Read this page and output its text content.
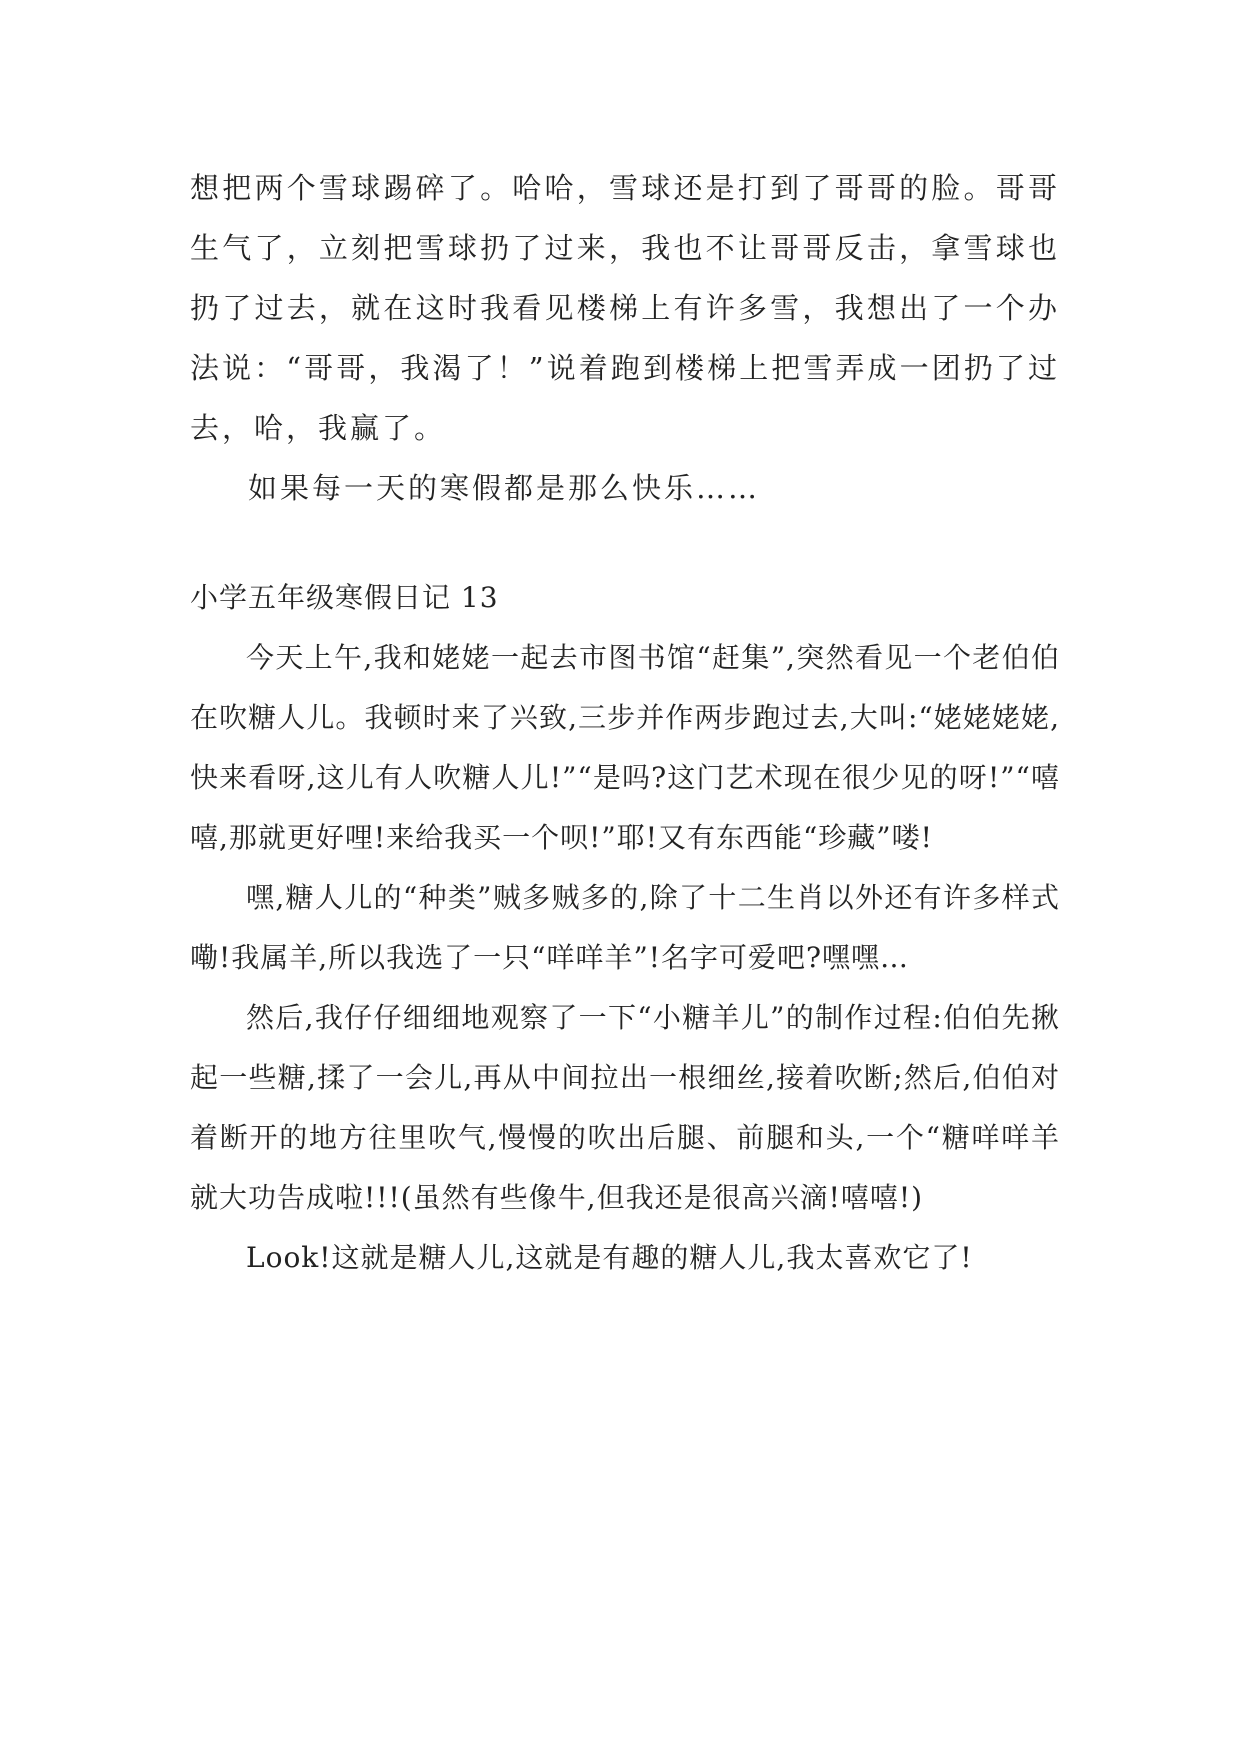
想把两个雪球踢碎了。哈哈，雪球还是打到了哥哥的脸。哥哥生气了，立刻把雪球扔了过来，我也不让哥哥反击，拿雪球也扔了过去，就在这时我看见楼梯上有许多雪，我想出了一个办法说：“哥哥，我渴了！”说着跑到楼梯上把雪弄成一团扔了过去，哈，我赢了。

如果每一天的寒假都是那么快乐……

小学五年级寒假日记 13

今天上午,我和姥姥一起去市图书馆“赶集”,突然看见一个老伯伯在吹糖人儿。我顿时来了兴致,三步并作两步跑过去,大叫:“姥姥姥姥,快来看呀,这儿有人吹糖人儿!”“是吗?这门艺术现在很少见的呀!”“嘻嘻,那就更好哩!来给我买一个呗!”耶!又有东西能“珍藏”喽!

嘿,糖人儿的“种类”贼多贼多的,除了十二生肖以外还有许多样式嘞!我属羊,所以我选了一只“咩咩羊”!名字可爱吧?嘿嘿…

然后,我仔仔细细地观察了一下“小糖羊儿”的制作过程:伯伯先揪起一些糖,揉了一会儿,再从中间拉出一根细丝,接着吹断;然后,伯伯对着断开的地方往里吹气,慢慢的吹出后腿、前腿和头,一个“糖咩咩羊就大功告成啦!!!(虽然有些像牛,但我还是很高兴滴!嘻嘻!)

Look!这就是糖人儿,这就是有趣的糖人儿,我太喜欢它了!
